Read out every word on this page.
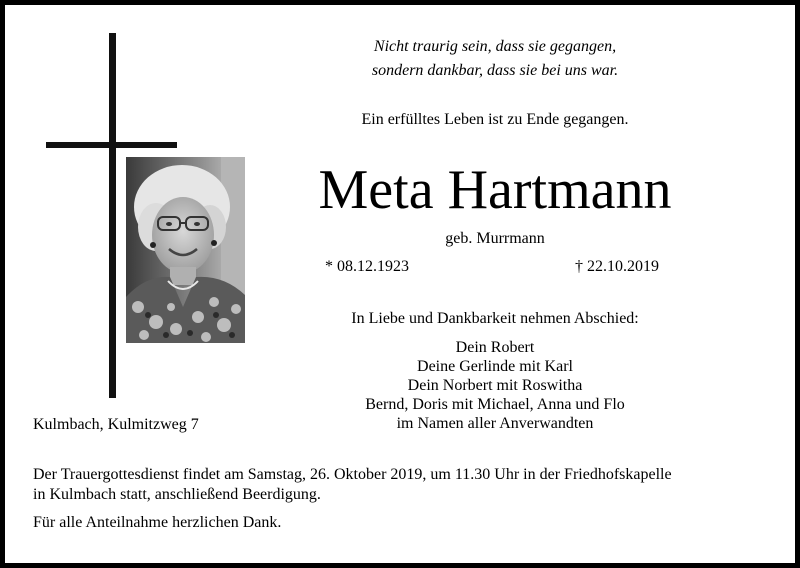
Nicht traurig sein, dass sie gegangen,
sondern dankbar, dass sie bei uns war.
Ein erfülltes Leben ist zu Ende gegangen.
Meta Hartmann
geb. Murrmann
* 08.12.1923	† 22.10.2019
In Liebe und Dankbarkeit nehmen Abschied:
Dein Robert
Deine Gerlinde mit Karl
Dein Norbert mit Roswitha
Bernd, Doris mit Michael, Anna und Flo
im Namen aller Anverwandten
Kulmbach, Kulmitzweg 7
Der Trauergottesdienst findet am Samstag, 26. Oktober 2019, um 11.30 Uhr in der Friedhofskapelle
in Kulmbach statt, anschließend Beerdigung.
Für alle Anteilnahme herzlichen Dank.
